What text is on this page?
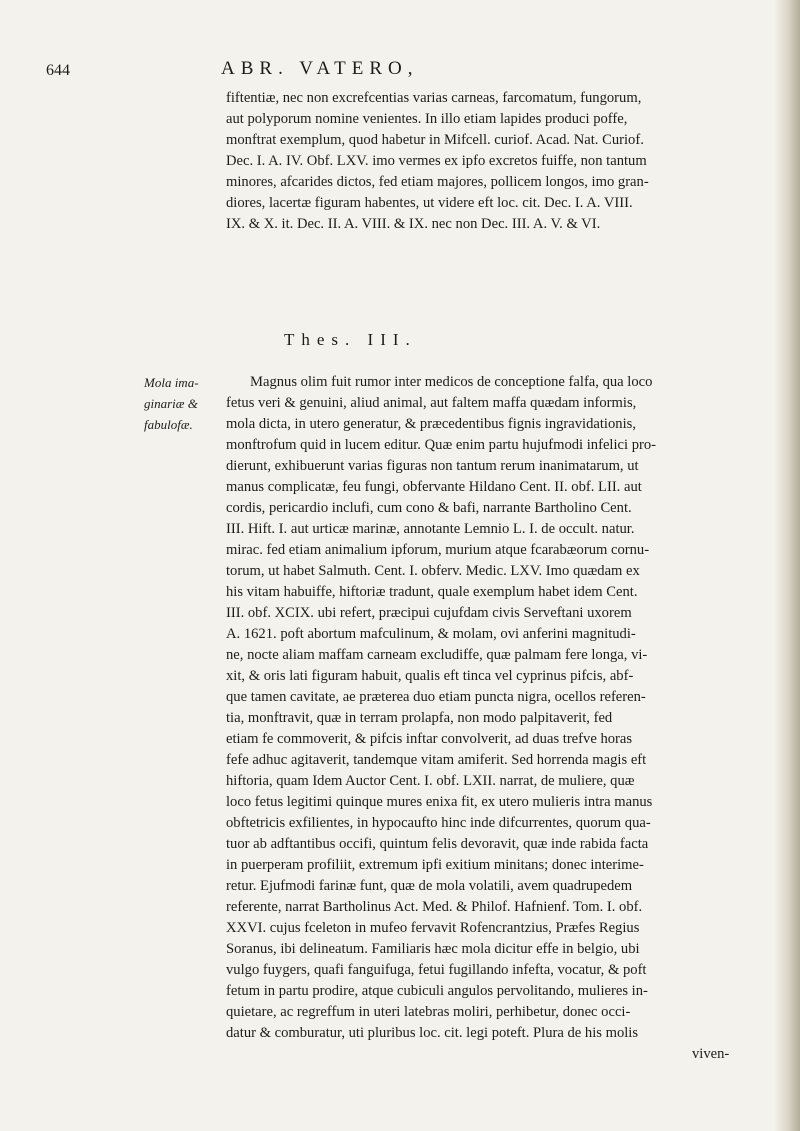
644	ABR. VATERO,
fiftentiæ, nec non excrefcentias varias carneas, farcomatum, fungorum,
aut polyporum nomine venientes. In illo etiam lapides produci poffe,
monftrat exemplum, quod habetur in Mifcell. curiof. Acad. Nat. Curiof.
Dec. I. A. IV. Obf. LXV. imo vermes ex ipfo excretos fuiffe, non tantum
minores, afcarides dictos, fed etiam majores, pollicem longos, imo gran-
diores, lacertæ figuram habentes, ut videre eft loc. cit. Dec. I. A. VIII.
IX. & X. it. Dec. II. A. VIII. & IX. nec non Dec. III. A. V. & VI.
Thes. III.
Mola ima-
ginariæ &
fabulofæ.
Magnus olim fuit rumor inter medicos de conceptione falfa, qua loco
fetus veri & genuini, aliud animal, aut faltem maffa quædam informis,
mola dicta, in utero generatur, & præcedentibus fignis ingravidationis,
monftrofum quid in lucem editur. Quæ enim partu hujufmodi infelici pro-
dierunt, exhibuerunt varias figuras non tantum rerum inanimatarum, ut
manus complicatæ, feu fungi, obfervante Hildano Cent. II. obf. LII. aut
cordis, pericardio inclufi, cum cono & bafi, narrante Bartholino Cent.
III. Hift. I. aut urticæ marinæ, annotante Lemnio L. I. de occult. natur.
mirac. fed etiam animalium ipforum, murium atque fcarabæorum cornu-
torum, ut habet Salmuth. Cent. I. obferv. Medic. LXV. Imo quædam ex
his vitam habuiffe, hiftoriæ tradunt, quale exemplum habet idem Cent.
III. obf. XCIX. ubi refert, præcipui cujufdam civis Serveftani uxorem
A. 1621. poft abortum mafculinum, & molam, ovi anferini magnitudi-
ne, nocte aliam maffam carneam excludiffe, quæ palmam fere longa, vi-
xit, & oris lati figuram habuit, qualis eft tinca vel cyprinus pifcis, abf-
que tamen cavitate, ae præterea duo etiam puncta nigra, ocellos referen-
tia, monftravit, quæ in terram prolapfa, non modo palpitaverit, fed
etiam fe commoverit, & pifcis inftar convolverit, ad duas trefve horas
fefe adhuc agitaverit, tandemque vitam amiferit. Sed horrenda magis eft
hiftoria, quam Idem Auctor Cent. I. obf. LXII. narrat, de muliere, quæ
loco fetus legitimi quinque mures enixa fit, ex utero mulieris intra manus
obftetricis exfilientes, in hypocaufto hinc inde difcurrentes, quorum qua-
tuor ab adftantibus occifi, quintum felis devoravit, quæ inde rabida facta
in puerperam profiliit, extremum ipfi exitium minitans; donec interime-
retur. Ejufmodi farinæ funt, quæ de mola volatili, avem quadrupedem
referente, narrat Bartholinus Act. Med. & Philof. Hafnienf. Tom. I. obf.
XXVI. cujus fceleton in mufeo fervavit Rofencrantzius, Præfes Regius
Soranus, ibi delineatum. Familiaris hæc mola dicitur effe in belgio, ubi
vulgo fuygers, quafi fanguifuga, fetui fugillando infefta, vocatur, & poft
fetum in partu prodire, atque cubiculi angulos pervolitando, mulieres in-
quietare, ac regreffum in uteri latebras moliri, perhibetur, donec occi-
datur & comburatur, uti pluribus loc. cit. legi poteft. Plura de his molis
viven-
